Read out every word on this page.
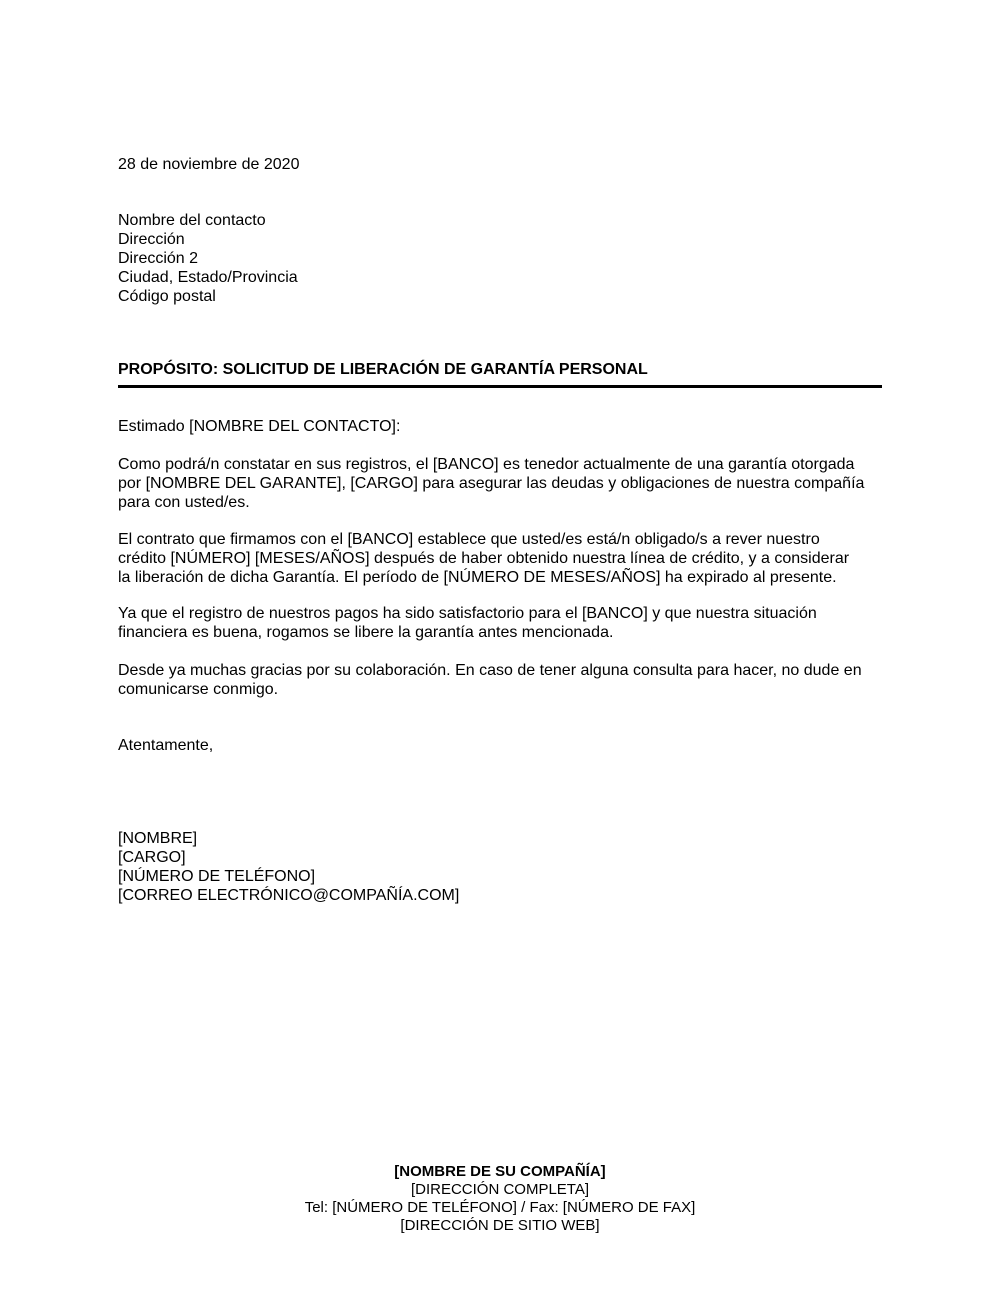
28 de noviembre de 2020
Nombre del contacto
Dirección
Dirección 2
Ciudad, Estado/Provincia
Código postal
PROPÓSITO: SOLICITUD DE LIBERACIÓN DE GARANTÍA PERSONAL
Estimado [NOMBRE DEL CONTACTO]:
Como podrá/n constatar en sus registros, el [BANCO] es tenedor actualmente de una garantía otorgada
por [NOMBRE DEL GARANTE], [CARGO] para asegurar las deudas y obligaciones de nuestra compañía
para con usted/es.
El contrato que firmamos con el [BANCO] establece que usted/es está/n obligado/s a rever nuestro
crédito [NÚMERO] [MESES/AÑOS] después de haber obtenido nuestra línea de crédito, y a considerar
la liberación de dicha Garantía. El período de [NÚMERO DE MESES/AÑOS] ha expirado al presente.
Ya que el registro de nuestros pagos ha sido satisfactorio para el [BANCO] y que nuestra situación
financiera es buena, rogamos se libere la garantía antes mencionada.
Desde ya muchas gracias por su colaboración. En caso de tener alguna consulta para hacer, no dude en
comunicarse conmigo.
Atentamente,
[NOMBRE]
[CARGO]
[NÚMERO DE TELÉFONO]
[CORREO ELECTRÓNICO@COMPAÑÍA.COM]
[NOMBRE DE SU COMPAÑÍA]
[DIRECCIÓN COMPLETA]
Tel: [NÚMERO DE TELÉFONO] / Fax: [NÚMERO DE FAX]
[DIRECCIÓN DE SITIO WEB]
